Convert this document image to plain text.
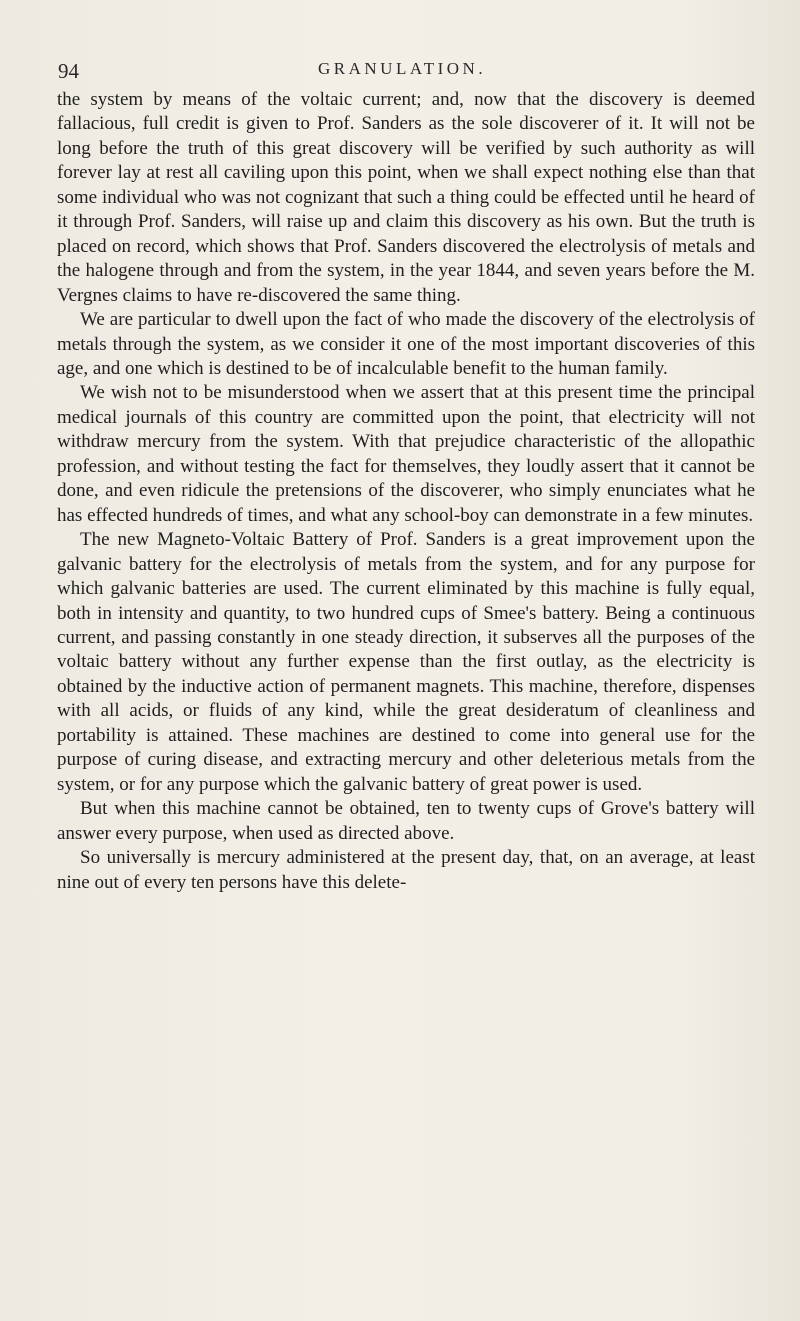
94	GRANULATION.

the system by means of the voltaic current; and, now that the discovery is deemed fallacious, full credit is given to Prof. Sanders as the sole discoverer of it. It will not be long before the truth of this great discovery will be verified by such authority as will forever lay at rest all caviling upon this point, when we shall expect nothing else than that some individual who was not cognizant that such a thing could be effected until he heard of it through Prof. Sanders, will raise up and claim this discovery as his own. But the truth is placed on record, which shows that Prof. Sanders discovered the electrolysis of metals and the halogene through and from the system, in the year 1844, and seven years before the M. Vergnes claims to have re-discovered the same thing.

We are particular to dwell upon the fact of who made the discovery of the electrolysis of metals through the system, as we consider it one of the most important discoveries of this age, and one which is destined to be of incalculable benefit to the human family.

We wish not to be misunderstood when we assert that at this present time the principal medical journals of this country are committed upon the point, that electricity will not withdraw mercury from the system. With that prejudice characteristic of the allopathic profession, and without testing the fact for themselves, they loudly assert that it cannot be done, and even ridicule the pretensions of the discoverer, who simply enunciates what he has effected hundreds of times, and what any school-boy can demonstrate in a few minutes.

The new Magneto-Voltaic Battery of Prof. Sanders is a great improvement upon the galvanic battery for the electrolysis of metals from the system, and for any purpose for which galvanic batteries are used. The current eliminated by this machine is fully equal, both in intensity and quantity, to two hundred cups of Smee's battery. Being a continuous current, and passing constantly in one steady direction, it subserves all the purposes of the voltaic battery without any further expense than the first outlay, as the electricity is obtained by the inductive action of permanent magnets. This machine, therefore, dispenses with all acids, or fluids of any kind, while the great desideratum of cleanliness and portability is attained. These machines are destined to come into general use for the purpose of curing disease, and extracting mercury and other deleterious metals from the system, or for any purpose which the galvanic battery of great power is used.

But when this machine cannot be obtained, ten to twenty cups of Grove's battery will answer every purpose, when used as directed above.

So universally is mercury administered at the present day, that, on an average, at least nine out of every ten persons have this delete-
